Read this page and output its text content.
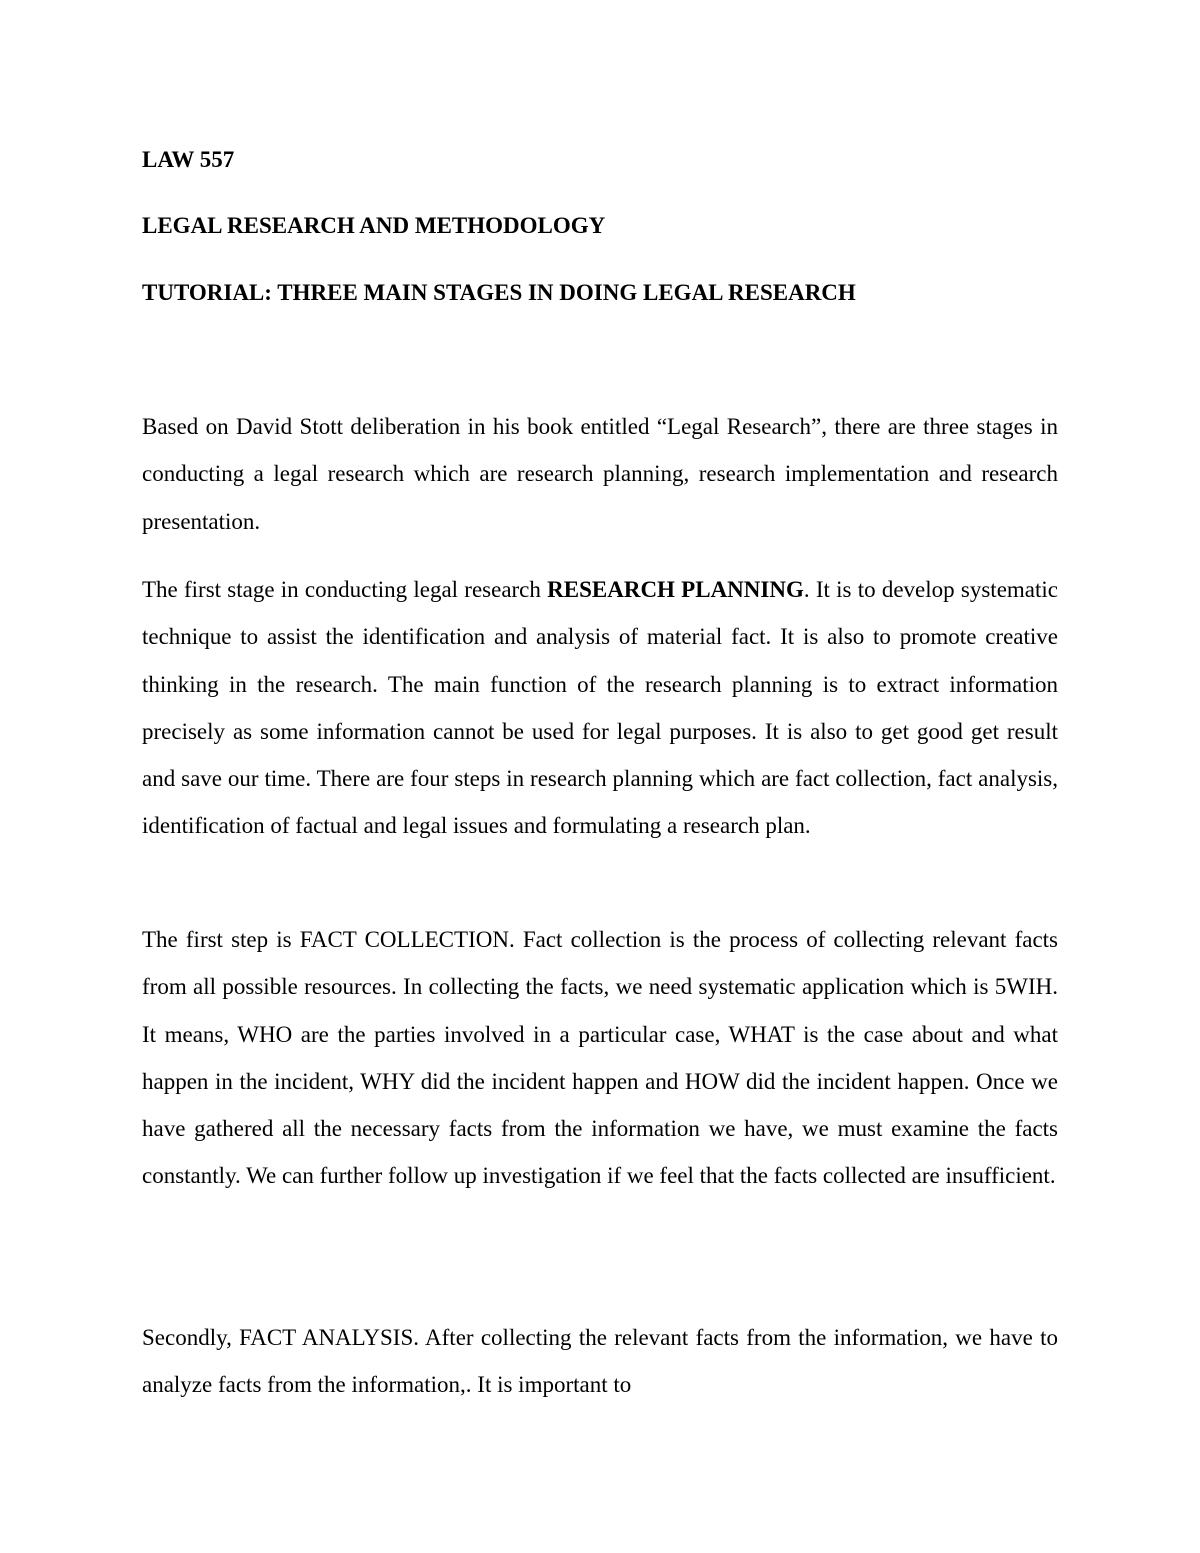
LAW 557

LEGAL RESEARCH AND METHODOLOGY

TUTORIAL: THREE MAIN STAGES IN DOING LEGAL RESEARCH

Based on David Stott deliberation in his book entitled “Legal Research”, there are three stages in conducting a legal research which are research planning, research implementation and research presentation.

The first stage in conducting legal research RESEARCH PLANNING. It is to develop systematic technique to assist the identification and analysis of material fact. It is also to promote creative thinking in the research. The main function of the research planning is to extract information precisely as some information cannot be used for legal purposes. It is also to get good get result and save our time. There are four steps in research planning which are fact collection, fact analysis, identification of factual and legal issues and formulating a research plan.

The first step is FACT COLLECTION. Fact collection is the process of collecting relevant facts from all possible resources. In collecting the facts, we need systematic application which is 5WIH. It means, WHO are the parties involved in a particular case, WHAT is the case about and what happen in the incident, WHY did the incident happen and HOW did the incident happen. Once we have gathered all the necessary facts from the information we have, we must examine the facts constantly. We can further follow up investigation if we feel that the facts collected are insufficient.

Secondly, FACT ANALYSIS. After collecting the relevant facts from the information, we have to analyze facts from the information,. It is important to
